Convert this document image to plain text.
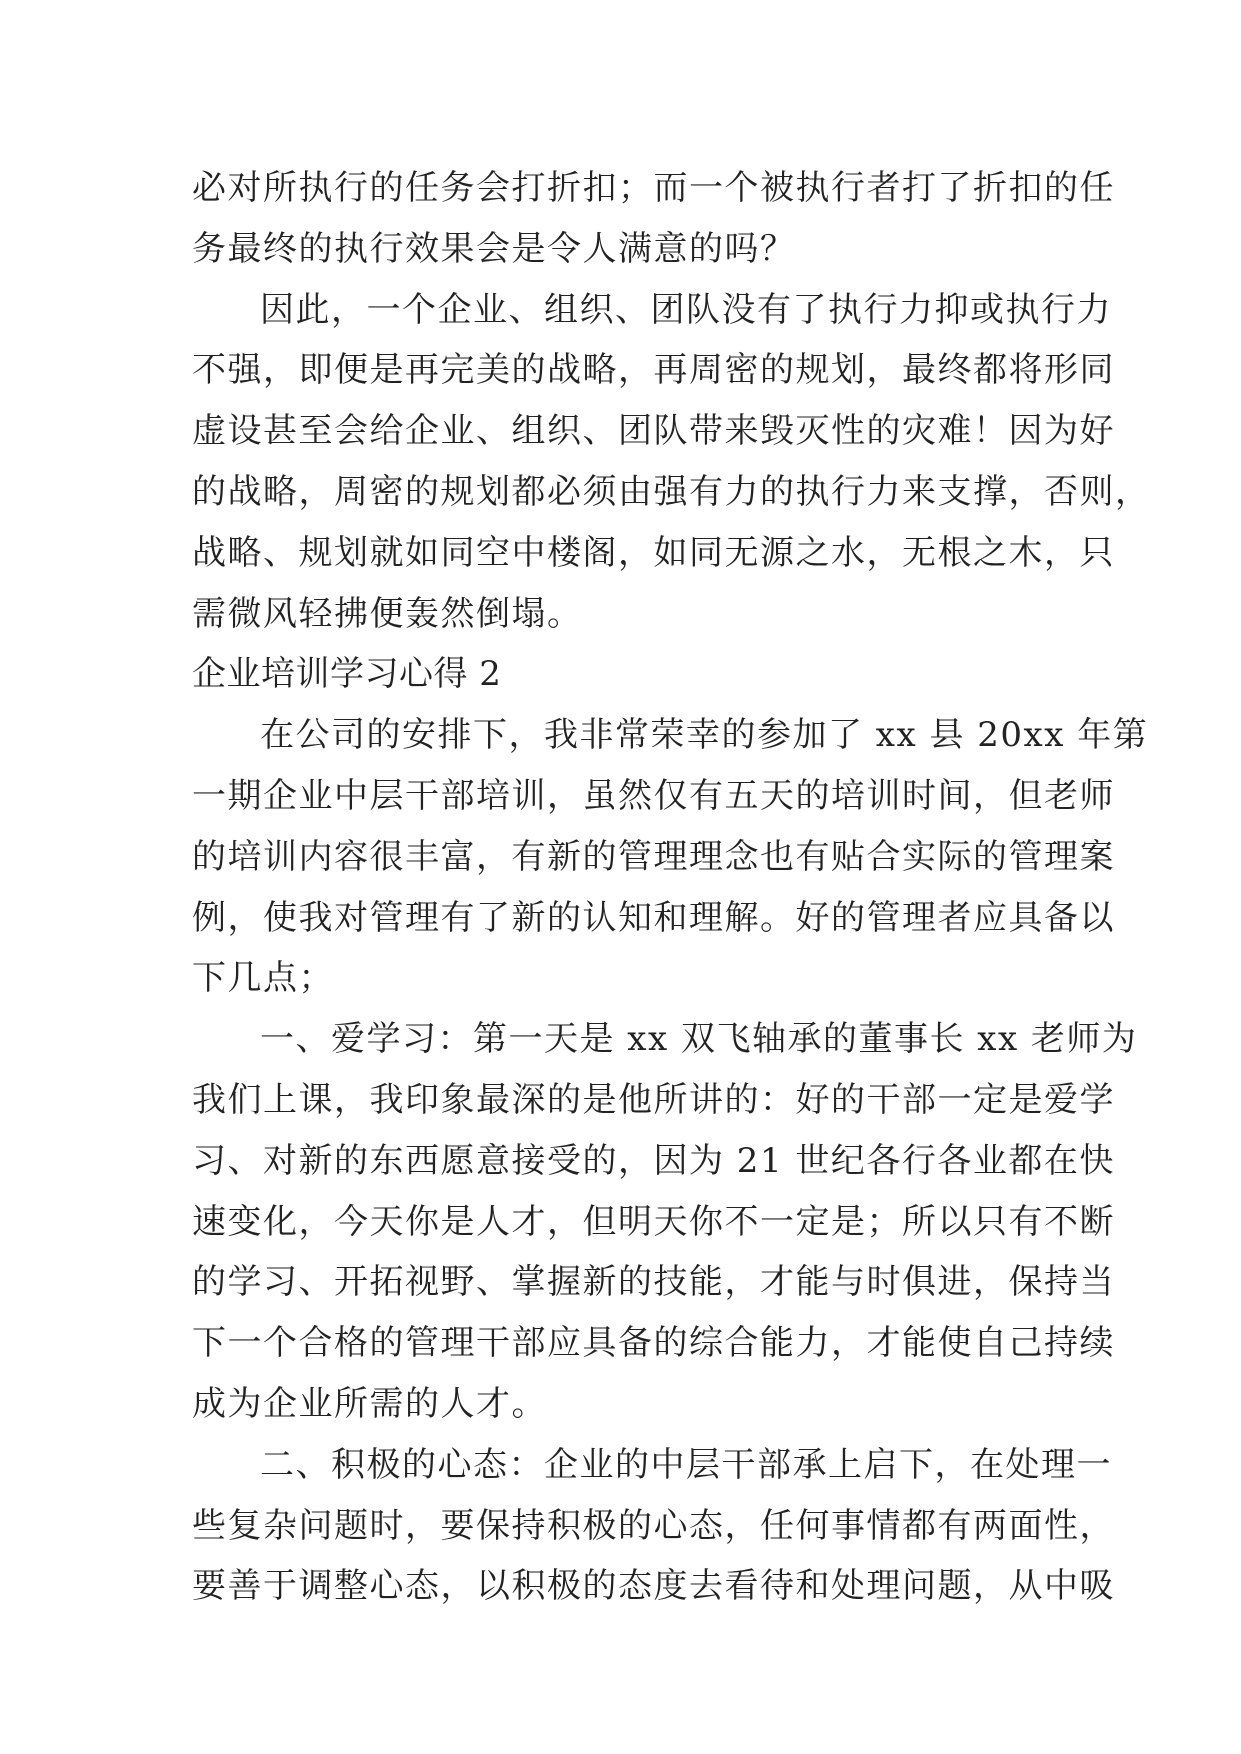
必对所执行的任务会打折扣；而一个被执行者打了折扣的任
务最终的执行效果会是令人满意的吗？
因此，一个企业、组织、团队没有了执行力抑或执行力
不强，即便是再完美的战略，再周密的规划，最终都将形同
虚设甚至会给企业、组织、团队带来毁灭性的灾难！因为好
的战略，周密的规划都必须由强有力的执行力来支撑，否则，
战略、规划就如同空中楼阁，如同无源之水，无根之木，只
需微风轻拂便轰然倒塌。
企业培训学习心得 2
在公司的安排下，我非常荣幸的参加了 xx 县 20xx 年第
一期企业中层干部培训，虽然仅有五天的培训时间，但老师
的培训内容很丰富，有新的管理理念也有贴合实际的管理案
例，使我对管理有了新的认知和理解。好的管理者应具备以
下几点；
一、爱学习：第一天是 xx 双飞轴承的董事长 xx 老师为
我们上课，我印象最深的是他所讲的：好的干部一定是爱学
习、对新的东西愿意接受的，因为 21 世纪各行各业都在快
速变化，今天你是人才，但明天你不一定是；所以只有不断
的学习、开拓视野、掌握新的技能，才能与时俱进，保持当
下一个合格的管理干部应具备的综合能力，才能使自己持续
成为企业所需的人才。
二、积极的心态：企业的中层干部承上启下，在处理一
些复杂问题时，要保持积极的心态，任何事情都有两面性，
要善于调整心态，以积极的态度去看待和处理问题，从中吸
